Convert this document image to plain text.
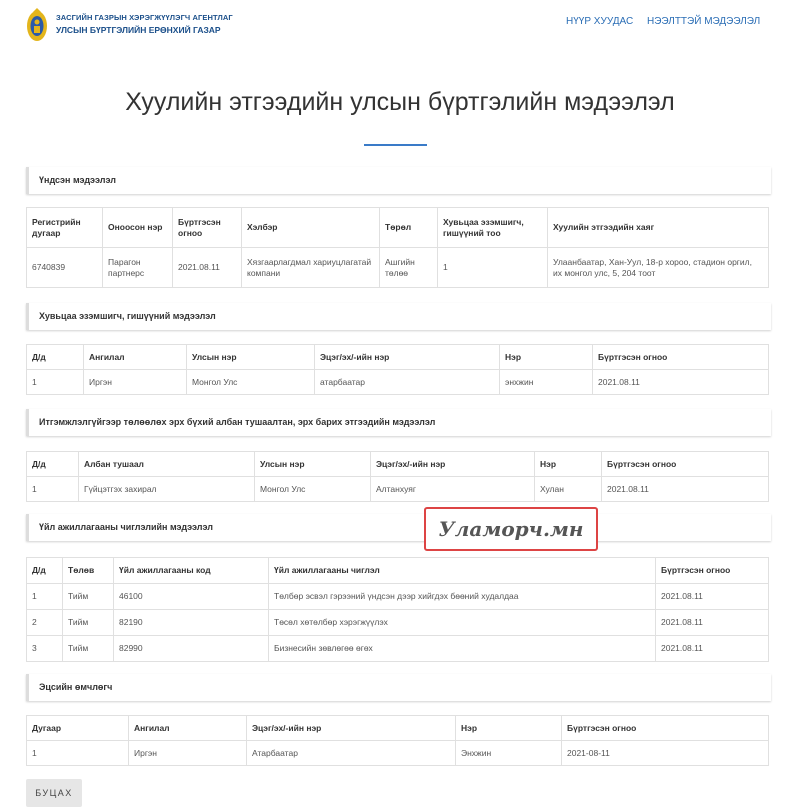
ЗАСГИЙН ГАЗРЫН ХЭРЭГЖҮҮЛЭГЧ АГЕНТЛАГ
УЛСЫН БҮРТГЭЛИЙН ЕРӨНХИЙ ГАЗАР
НҮҮР ХУУДАС НЭЭЛТТЭЙ МЭДЭЭЛЭЛ
Хуулийн этгээдийн улсын бүртгэлийн мэдээлэл
Үндсэн мэдээлэл
Регистрийн дугаар	Оноосон нэр	Бүртгэсэн огноо	Хэлбэр	Төрөл	Хувьцаа эзэмшигч, гишүүний тоо	Хуулийн этгээдийн хаяг
6740839	Парагон партнерс	2021.08.11	Хязгаарлагдмал хариуцлагатай компани	Ашгийн төлөө	1	Улаанбаатар, Хан-Уул, 18-р хороо, стадион оргил, их монгол улс, 5, 204 тоот
Хувьцаа эзэмшигч, гишүүний мэдээлэл
Д/д	Ангилал	Улсын нэр	Эцэг/эх/-ийн нэр	Нэр	Бүртгэсэн огноо
1	Иргэн	Монгол Улс	атарбаатар	энхжин	2021.08.11
Итгэмжлэлгүйгээр төлөөлөх эрх бүхий албан тушаалтан, эрх барих этгээдийн мэдээлэл
Д/д	Албан тушаал	Улсын нэр	Эцэг/эх/-ийн нэр	Нэр	Бүртгэсэн огноо
1	Гүйцэтгэх захирал	Монгол Улс	Алтанхуяг	Хулан	2021.08.11
Үйл ажиллагааны чиглэлийн мэдээлэл
Д/д	Төлөв	Үйл ажиллагааны код	Үйл ажиллагааны чиглэл	Бүртгэсэн огноо
1	Тийм	46100	Төлбөр эсвэл гэрээний үндсэн дээр хийгдэх бөөний худалдаа	2021.08.11
2	Тийм	82190	Төсөл хөтөлбөр хэрэгжүүлэх	2021.08.11
3	Тийм	82990	Бизнесийн зөвлөгөө өгөх	2021.08.11
Эцсийн өмчлөгч
Дугаар	Ангилал	Эцэг/эх/-ийн нэр	Нэр	Бүртгэсэн огноо
1	Иргэн	Атарбаатар	Энхжин	2021-08-11
Уламорч.мн
БУЦАХ
